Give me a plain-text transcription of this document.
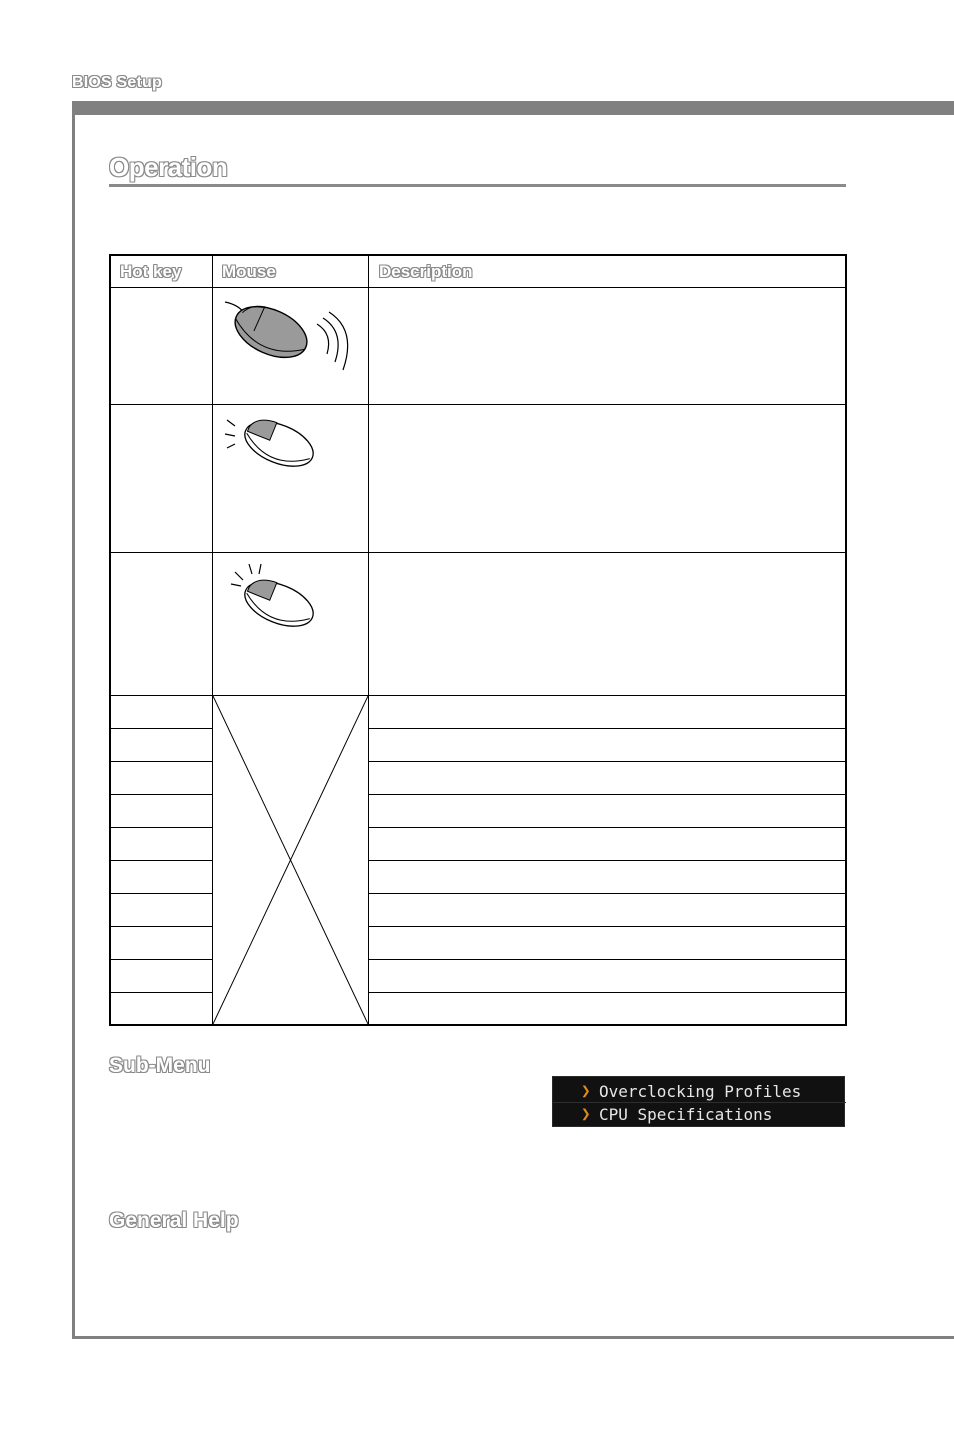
BIOS Setup
Operation
Hot key Mouse	Description
Sub-Menu
❯ Overclocking Profiles
❯ CPU Specifications
General Help
